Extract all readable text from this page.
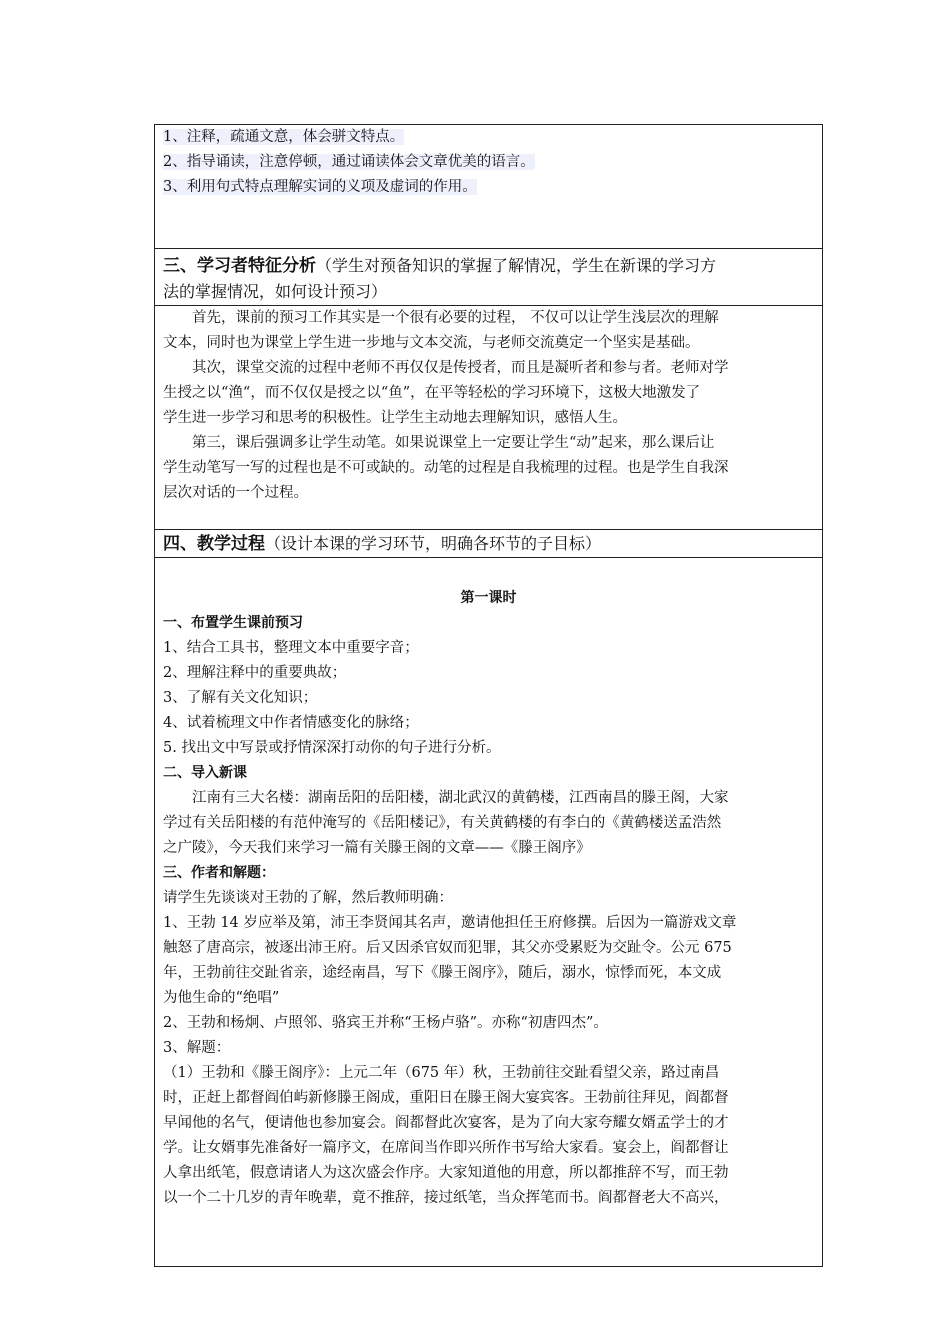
1、注释，疏通文意，体会骈文特点。

2、指导诵读，注意停顿，通过诵读体会文章优美的语言。

3、利用句式特点理解实词的义项及虚词的作用。

三、学习者特征分析（学生对预备知识的掌握了解情况，学生在新课的学习方

法的掌握情况，如何设计预习）

首先，课前的预习工作其实是一个很有必要的过程， 不仅可以让学生浅层次的理解

文本，同时也为课堂上学生进一步地与文本交流，与老师交流奠定一个坚实是基础。

其次，课堂交流的过程中老师不再仅仅是传授者，而且是凝听者和参与者。老师对学

生授之以“渔“，而不仅仅是授之以“鱼”，在平等轻松的学习环境下，这极大地激发了

学生进一步学习和思考的积极性。让学生主动地去理解知识，感悟人生。

第三，课后强调多让学生动笔。如果说课堂上一定要让学生“动”起来，那么课后让

学生动笔写一写的过程也是不可或缺的。动笔的过程是自我梳理的过程。也是学生自我深

层次对话的一个过程。

四、教学过程（设计本课的学习环节，明确各环节的子目标）

第一课时

一、布置学生课前预习

1、结合工具书，整理文本中重要字音；

2、理解注释中的重要典故；

3、了解有关文化知识；

4、试着梳理文中作者情感变化的脉络；

5. 找出文中写景或抒情深深打动你的句子进行分析。

二、导入新课

江南有三大名楼：湖南岳阳的岳阳楼，湖北武汉的黄鹤楼，江西南昌的滕王阁，大家

学过有关岳阳楼的有范仲淹写的《岳阳楼记》，有关黄鹤楼的有李白的《黄鹤楼送孟浩然

之广陵》，今天我们来学习一篇有关滕王阁的文章——《滕王阁序》

三、作者和解题：

请学生先谈谈对王勃的了解，然后教师明确：

1、王勃 14 岁应举及第，沛王李贤闻其名声，邀请他担任王府修撰。后因为一篇游戏文章

触怒了唐高宗，被逐出沛王府。后又因杀官奴而犯罪，其父亦受累贬为交趾令。公元 675

年，王勃前往交趾省亲，途经南昌，写下《滕王阁序》，随后，溺水，惊悸而死，本文成

为他生命的“绝唱”

2、王勃和杨炯、卢照邻、骆宾王并称“王杨卢骆”。亦称“初唐四杰”。

3、解题：

（1）王勃和《滕王阁序》：上元二年（675 年）秋，王勃前往交趾看望父亲，路过南昌

时，正赶上都督阎伯屿新修滕王阁成，重阳日在滕王阁大宴宾客。王勃前往拜见，阎都督

早闻他的名气，便请他也参加宴会。阎都督此次宴客，是为了向大家夸耀女婿孟学士的才

学。让女婿事先准备好一篇序文，在席间当作即兴所作书写给大家看。宴会上，阎都督让

人拿出纸笔，假意请诸人为这次盛会作序。大家知道他的用意，所以都推辞不写，而王勃

以一个二十几岁的青年晚辈，竟不推辞，接过纸笔，当众挥笔而书。阎都督老大不高兴，
